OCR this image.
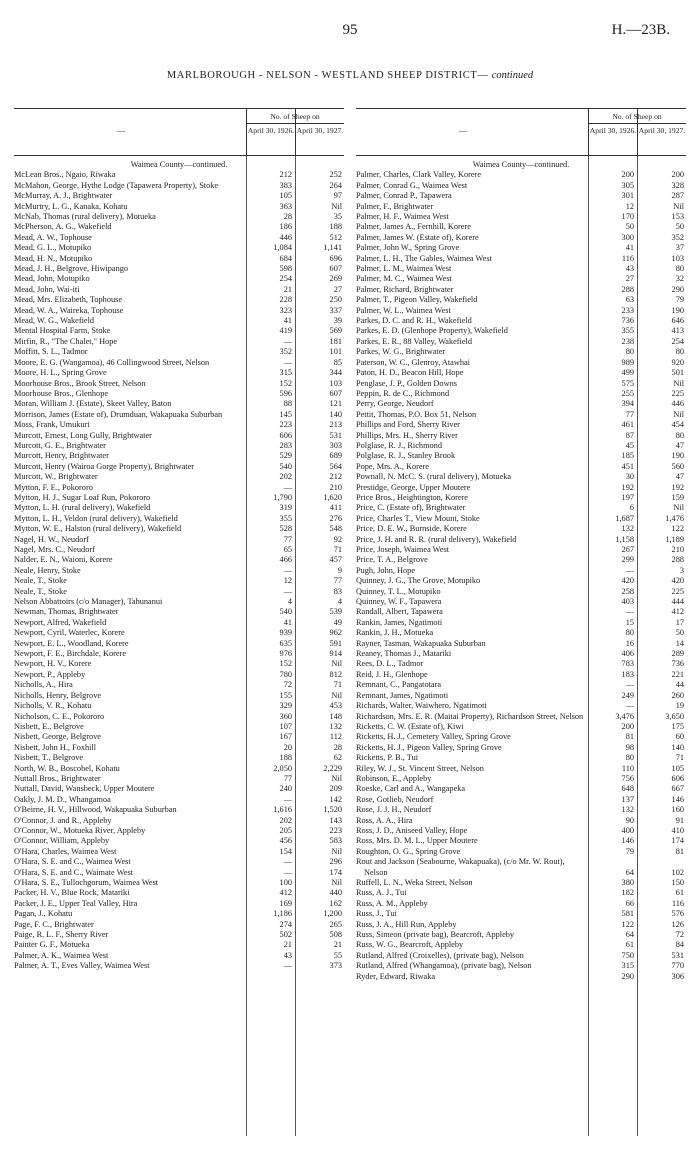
95	H.—23B.
MARLBOROUGH - NELSON - WESTLAND SHEEP DISTRICT— continued
—
No. of Sheep on
April 30, 1926. April 30, 1927.
Waimea County—continued.
McLean Bros., Ngaio, Riwaka	212	252
McMahon, George, Hythe Lodge (Tapawera Property), Stoke	383	264
McMurray, A. J., Brightwater	105	97
McMurtry, L. G., Kanaka, Kohatu	363	Nil
McNab, Thomas (rural delivery), Motueka	28	35
McPherson, A. G., Wakefield	186	188
Mead, A. W., Tophouse	446	512
Mead, G. L., Motupiko	1,084	1,141
Mead, H. N., Motupiko	684	696
Mead, J. H., Belgrove, Hiwipango	598	607
Mead, John, Motupiko	254	269
Mead, John, Wai-iti	21	27
Mead, Mrs. Elizabeth, Tophouse	228	250
Mead, W. A., Waireka, Tophouse	323	337
Mead, W. G., Wakefield	41	39
Mental Hospital Farm, Stoke	419	569
Mirfin, R., "The Chalet," Hope	—	181
Moffitt, S. L., Tadmor	352	101
Moore, E. G. (Wangamoa), 46 Collingwood Street, Nelson	—	85
Moore, H. L., Spring Grove	315	344
Moorhouse Bros., Brook Street, Nelson	152	103
Moorhouse Bros., Glenhope	596	607
Moran, William J. (Estate), Skeet Valley, Baton	88	121
Morrison, James (Estate of), Drumduan, Wakapuaka Suburban	145	140
Moss, Frank, Umukuri	223	213
Murcott, Ernest, Long Gully, Brightwater	606	531
Murcott, G. E., Brightwater	283	303
Murcott, Henry, Brightwater	529	689
Murcott, Henry (Wairoa Gorge Property), Brightwater	540	564
Murcott, W., Brightwater	202	212
Mytton, F. E., Pokororo	—	210
Mytton, H. J., Sugar Loaf Run, Pokororo	1,790	1,620
Mytton, L. H. (rural delivery), Wakefield	319	411
Mytton, L. H., Veldon (rural delivery), Wakefield	355	276
Mytton, W. E., Halston (rural delivery), Wakefield	528	548
Nagel, H. W., Neudorf	77	92
Nagel, Mrs. C., Neudorf	65	71
Nalder, E. N., Waioni, Korere	466	457
Neale, Henry, Stoke	—	9
Neale, T., Stoke	12	77
Neale, T., Stoke	—	83
Nelson Abbattoirs (c/o Manager), Tahunanui	4	4
Newman, Thomas, Brightwater	540	539
Newport, Alfred, Wakefield	41	49
Newport, Cyril, Waterlec, Korere	939	962
Newport, E. L., Woodland, Korere	635	591
Newport, F. E., Birchdale, Korere	976	914
Newport, H. V., Korere	152	Nil
Newport, P., Appleby	780	812
Nicholls, A., Hira	72	71
Nicholls, Henry, Belgrove	155	Nil
Nicholls, V. R., Kohatu	329	453
Nicholson, C. E., Pokororo	360	148
Nisbett, E., Belgrove	107	132
Nisbett, George, Belgrove	167	112
Nisbett, John H., Foxhill	20	28
Nisbett, T., Belgrove	188	62
North, W. B., Boscobel, Kohatu	2,050	2,229
Nuttall Bros., Brightwater	77	Nil
Nuttall, David, Wansbeck, Upper Moutere	240	209
Oakly, J. M. D., Whangamoa	—	142
O'Beirne, H. V., Hillwood, Wakapuaka Suburban	1,616	1,520
O'Connor, J. and R., Appleby	202	143
O'Connor, W., Motueka River, Appleby	205	223
O'Connor, William, Appleby	456	583
O'Hara, Charles, Waimea West	154	Nil
O'Hara, S. E. and C., Waimea West	—	296
O'Hara, S. E. and C., Waimate West	—	174
O'Hara, S. E., Tullochgorum, Waimea West	100	Nil
Packer, H. V., Blue Rock, Matariki	412	440
Packer, J. E., Upper Teal Valley, Hira	169	162
Pagan, J., Kohatu	1,186	1,200
Page, F. C., Brightwater	274	265
Paige, R. L. F., Sherry River	502	508
Painter G. F., Motueka	21	21
Palmer, A. K., Waimea West	43	55
Palmer, A. T., Eves Valley, Waimea West	—	373
—
No. of Sheep on
April 30, 1926. April 30, 1927.
Waimea County—continued.
Palmer, Charles, Clark Valley, Korere	200	200
Palmer, Conrad G., Waimea West	305	328
Palmer, Conrad P., Tapawera	301	287
Palmer, F., Brightwater	12	Nil
Palmer, H. F., Waimea West	170	153
Palmer, James A., Fernhill, Korere	50	50
Palmer, James W. (Estate of), Korere	300	352
Palmer, John W., Spring Grove	41	37
Palmer, L. H., The Gables, Waimea West	116	103
Palmer, L. M., Waimea West	43	80
Palmer, M. C., Waimea West	27	32
Palmer, Richard, Brightwater	288	290
Palmer, T., Pigeon Valley, Wakefield	63	79
Palmer, W. L., Waimea West	233	190
Parkes, D. C. and R. H., Wakefield	736	646
Parkes, E. D. (Glenhope Property), Wakefield	355	413
Parkes, E. R., 88 Valley, Wakefield	238	254
Parkes, W. G., Brightwater	80	80
Paterson, W. C., Glenroy, Atawhai	989	920
Paton, H. D., Beacon Hill, Hope	499	501
Penglase, J. P., Golden Downs	575	Nil
Peppin, R. de C., Richmond	255	225
Perry, George, Neudorf	394	446
Pettit, Thomas, P.O. Box 51, Nelson	77	Nil
Phillips and Ford, Sherry River	461	454
Phillips, Mrs. H., Sherry River	87	80
Polglase, R. J., Richmond	45	47
Polglase, R. J., Stanley Brook	185	190
Pope, Mrs. A., Korere	451	560
Pownall, N. McC. S. (rural delivery), Motueka	30	47
Prestidge, George, Upper Moutere	192	192
Price Bros., Heightington, Korere	197	159
Price, C. (Estate of), Brightwater	6	Nil
Price, Charles T., View Mount, Stoke	1,687	1,476
Price, D. E. W., Burnside, Korere	132	122
Price, J. H. and R. R. (rural delivery), Wakefield	1,158	1,189
Price, Joseph, Waimea West	267	210
Price, T. A., Belgrove	299	288
Pugh, John, Hope	—	3
Quinney, J. G., The Grove, Motupiko	420	420
Quinney, T. L., Motupiko	258	225
Quinney, W. F., Tapawera	403	444
Randall, Albert, Tapawera	—	412
Rankin, James, Ngatimoti	15	17
Rankin, J. H., Motueka	80	50
Rayner, Tasman, Wakapuaka Suburban	16	14
Reaney, Thomas J., Matariki	406	289
Rees, D. L., Tadmor	783	736
Reid, J. H., Glenhope	183	221
Remnant, C., Pangatotara	—	44
Remnant, James, Ngatimoti	249	260
Richards, Walter, Waiwhero, Ngatimoti	—	19
Richardson, Mrs. E. R. (Maitai Property), Richardson Street, Nelson	3,476	3,650
Ricketts, C. W. (Estate of), Kiwi	200	175
Ricketts, H. J., Cemetery Valley, Spring Grove	81	60
Ricketts, H. J., Pigeon Valley, Spring Grove	98	140
Ricketts, P. B., Tui	80	71
Riley, W. J., St. Vincent Street, Nelson	110	105
Robinson, E., Appleby	756	606
Roeske, Carl and A., Wangapeka	648	667
Rose, Gotlieb, Neudorf	137	146
Rose, J. J. H., Neudorf	132	160
Ross, A. A., Hira	90	91
Ross, J. D., Aniseed Valley, Hope	400	410
Ross, Mrs. D. M. L., Upper Moutere	146	174
Roughton, O. G., Spring Grove	79	81
Rout and Jackson (Seabourne, Wakapuaka), (c/o Mr. W. Rout), Nelson	64	102
Ruffell, L. N., Weka Street, Nelson	380	150
Russ, A. J., Tui	182	61
Russ, A. M., Appleby	66	116
Russ, J., Tui	581	576
Russ, J. A., Hill Run, Appleby	122	126
Russ, Simeon (private bag), Bearcroft, Appleby	64	72
Russ, W. G., Bearcroft, Appleby	61	84
Rutland, Alfred (Croixelles), (private bag), Nelson	750	531
Rutland, Alfred (Whangamoa), (private bag), Nelson	315	770
Ryder, Edward, Riwaka	290	306
